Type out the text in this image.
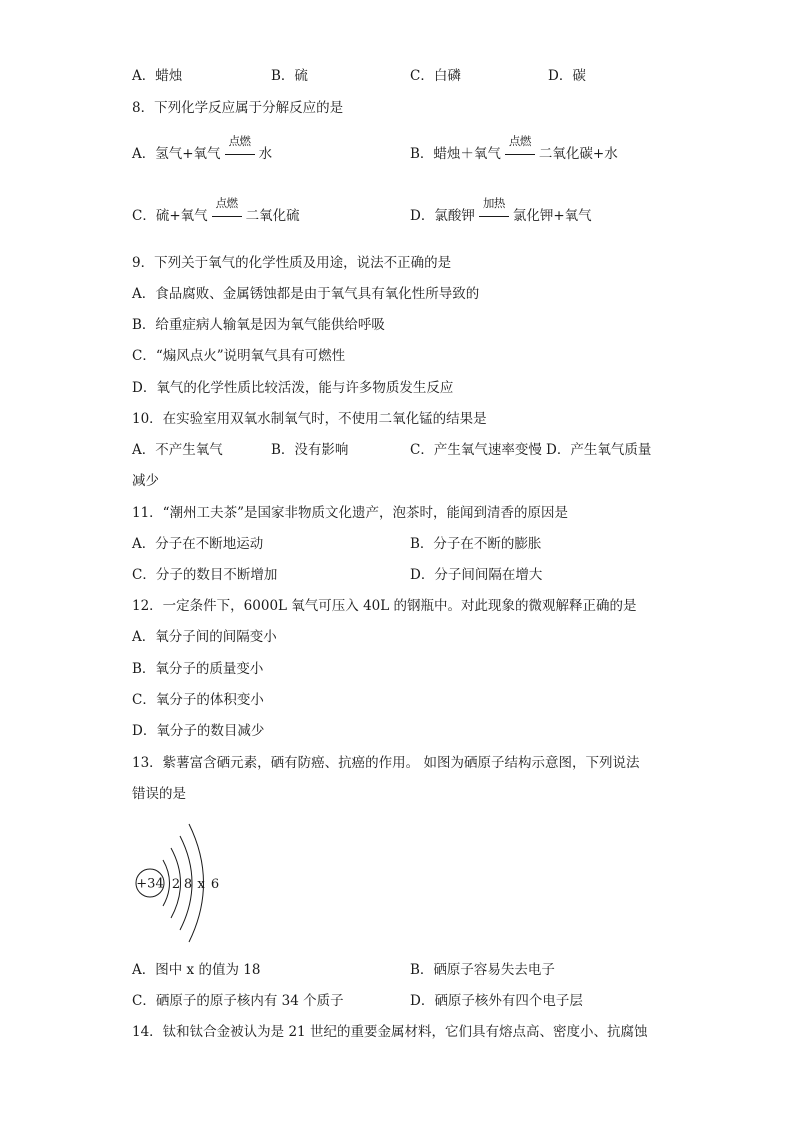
A．蜡烛	B．硫	C．白磷	D．碳
8．下列化学反应属于分解反应的是
A．氢气+氧气
点燃
水	B．蜡烛＋氧气
点燃
二氧化碳+水
C．硫+氧气
点燃
二氧化硫	D．氯酸钾
加热
氯化钾+氧气
9．下列关于氧气的化学性质及用途，说法不正确的是
A．食品腐败、金属锈蚀都是由于氧气具有氧化性所导致的
B．给重症病人输氧是因为氧气能供给呼吸
C．“煽风点火”说明氧气具有可燃性
D．氧气的化学性质比较活泼，能与许多物质发生反应
10．在实验室用双氧水制氧气时，不使用二氧化锰的结果是
A．不产生氧气	B．没有影响	C．产生氧气速率变慢 D．产生氧气质量
减少
11．“潮州工夫茶”是国家非物质文化遗产，泡茶时，能闻到清香的原因是
A．分子在不断地运动	B．分子在不断的膨胀
C．分子的数目不断增加	D．分子间间隔在增大
12．一定条件下，6000L 氧气可压入 40L 的钢瓶中。对此现象的微观解释正确的是
A．氧分子间的间隔变小
B．氧分子的质量变小
C．氧分子的体积变小
D．氧分子的数目减少
13．紫薯富含硒元素，硒有防癌、抗癌的作用。 如图为硒原子结构示意图，下列说法
错误的是
+34 2 8 x 6
A．图中 x 的值为 18	B．硒原子容易失去电子
C．硒原子的原子核内有 34 个质子	D．硒原子核外有四个电子层
14．钛和钛合金被认为是 21 世纪的重要金属材料，它们具有熔点高、密度小、抗腐蚀
